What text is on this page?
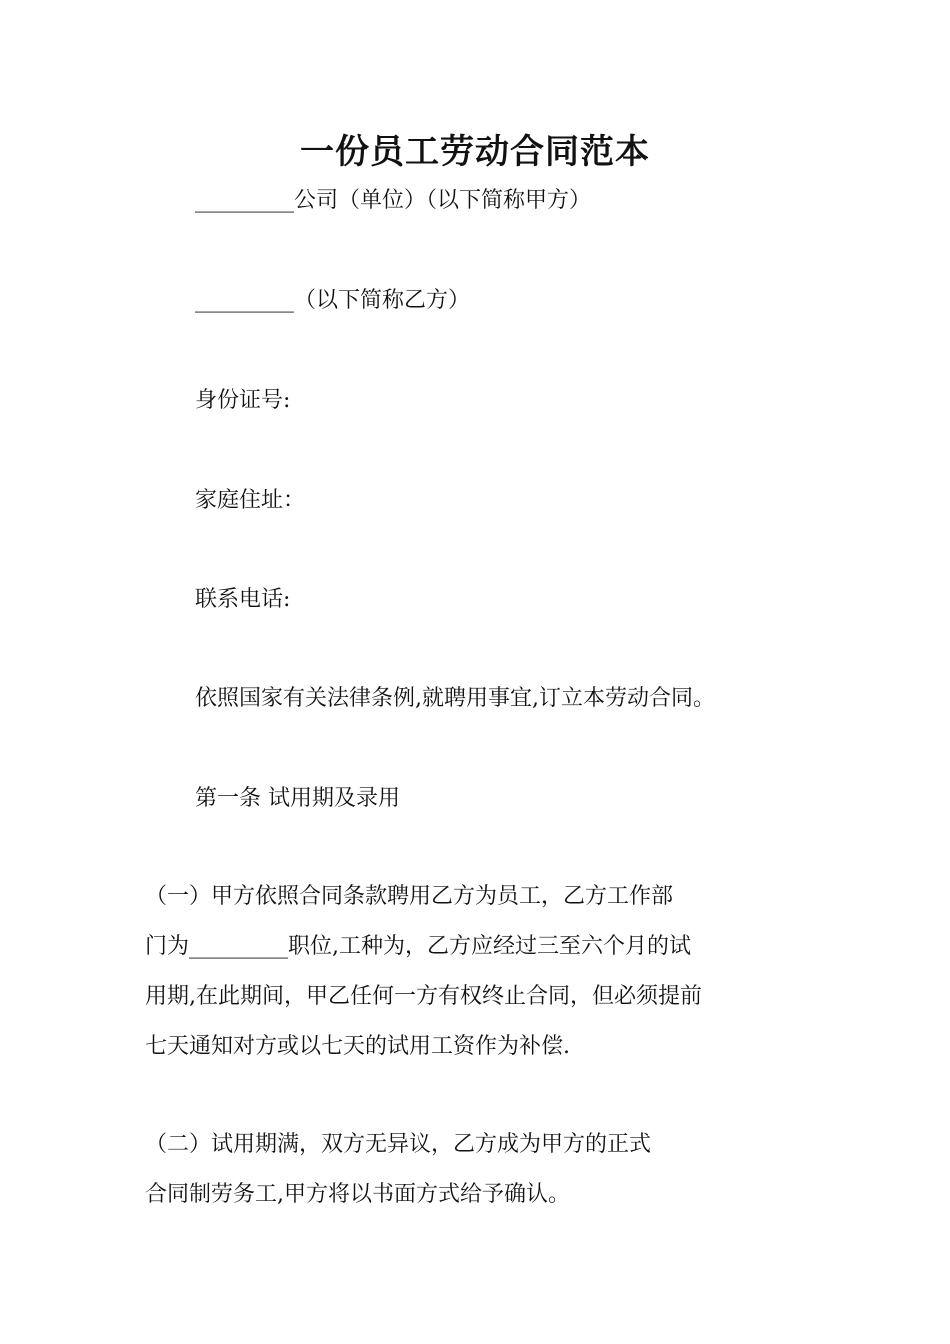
一份员工劳动合同范本
_________公司（单位）（以下简称甲方）
_________（以下简称乙方）
身份证号:
家庭住址：
联系电话:
依照国家有关法律条例,就聘用事宜,订立本劳动合同。
第一条 试用期及录用
（一）甲方依照合同条款聘用乙方为员工，乙方工作部
门为_________职位,工种为，乙方应经过三至六个月的试
用期,在此期间，甲乙任何一方有权终止合同，但必须提前
七天通知对方或以七天的试用工资作为补偿.
（二）试用期满，双方无异议，乙方成为甲方的正式
合同制劳务工,甲方将以书面方式给予确认。
